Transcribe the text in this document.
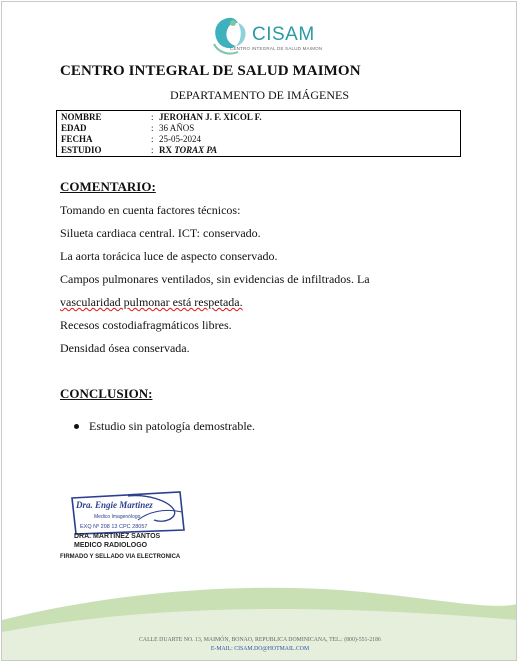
CISAM
CENTRO INTEGRAL DE SALUD MAIMON
CENTRO INTEGRAL DE SALUD MAIMON
DEPARTAMENTO DE IMÁGENES
NOMBRE	: JEROHAN J. F. XICOL F.
EDAD	: 36 AÑOS
FECHA	: 25-05-2024
ESTUDIO	: RX TORAX PA
COMENTARIO:
Tomando en cuenta factores técnicos:
Silueta cardiaca central. ICT: conservado.
La aorta torácica luce de aspecto conservado.
Campos pulmonares ventilados, sin evidencias de infiltrados. La
vascularidad pulmonar está respetada.
Recesos costodiafragmáticos libres.
Densidad ósea conservada.
CONCLUSION:
Estudio sin patología demostrable.
Dra. Engie Martinez
Medico Imagenólogo
EXQ Nº 208 13 CPC 28057
DRA. MARTINEZ SANTOS
MEDICO RADIOLOGO
FIRMADO Y SELLADO VIA ELECTRONICA
CALLE DUARTE NO. 13, MAIMÓN, BONAO, REPUBLICA DOMINICANA, TEL.: (800)-551-2186
E-MAIL: CISAM.DO@HOTMAIL.COM
